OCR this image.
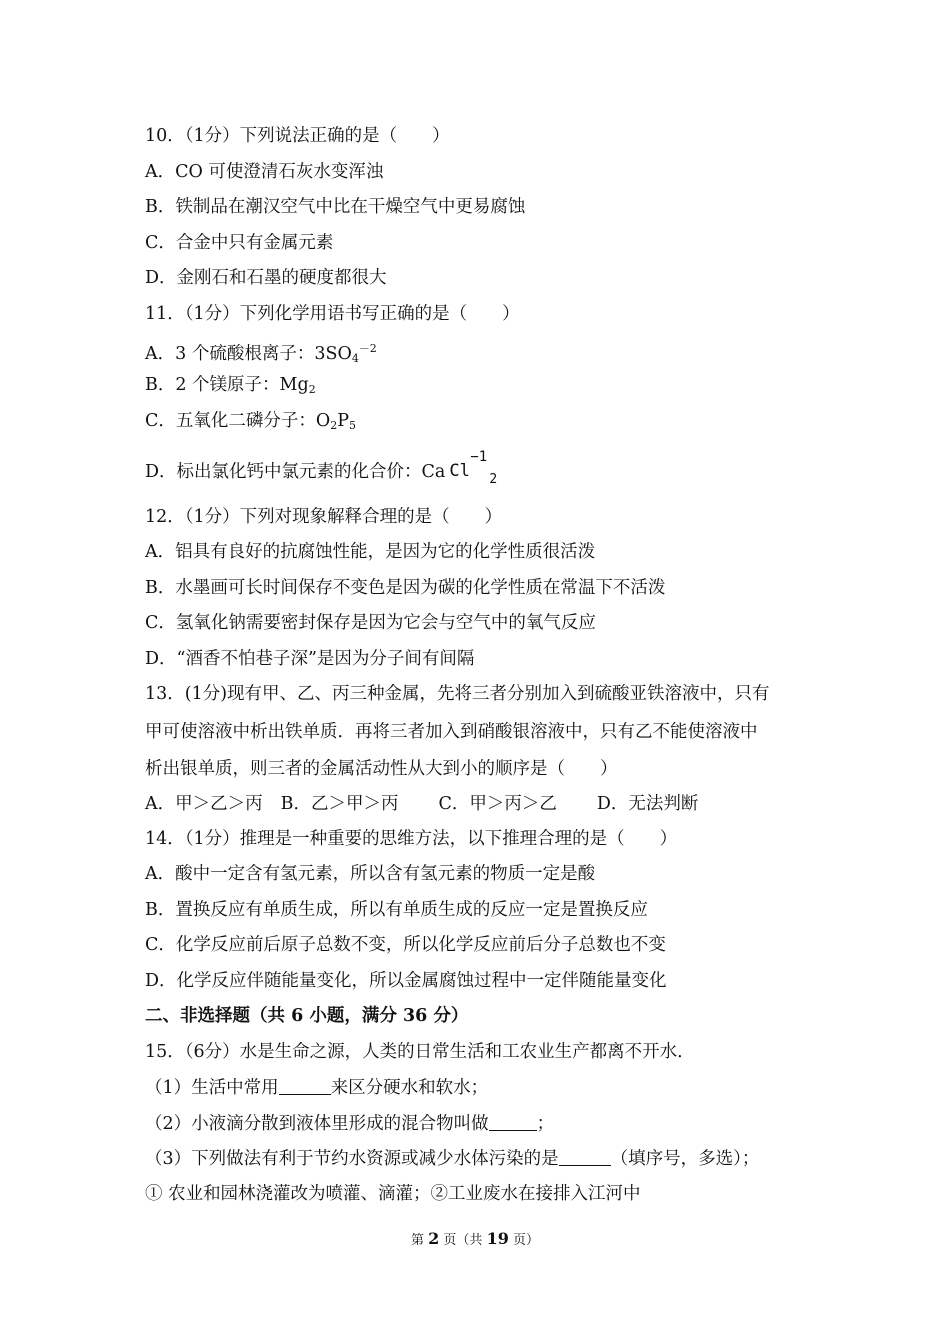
10．（1分）下列说法正确的是（　　）
A．CO 可使澄清石灰水变浑浊
B．铁制品在潮汉空气中比在干燥空气中更易腐蚀
C．合金中只有金属元素
D．金刚石和石墨的硬度都很大
11．（1分）下列化学用语书写正确的是（　　）
A．3 个硫酸根离子：$3SO_4^{-2}$
B．2 个镁原子：$Mg_2$
C．五氧化二磷分子：$O_2P_5$
D．标出氯化钙中氯元素的化合价：Ca
−1
Cl 2
12．（1分）下列对现象解释合理的是（　　）
A．铝具有良好的抗腐蚀性能，是因为它的化学性质很活泼
B．水墨画可长时间保存不变色是因为碳的化学性质在常温下不活泼
C．氢氧化钠需要密封保存是因为它会与空气中的氧气反应
D．“酒香不怕巷子深”是因为分子间有间隔
13．(1分)现有甲、乙、丙三种金属，先将三者分别加入到硫酸亚铁溶液中，只有
甲可使溶液中析出铁单质．再将三者加入到硝酸银溶液中，只有乙不能使溶液中
析出银单质，则三者的金属活动性从大到小的顺序是（　　）
A．甲＞乙＞丙 B．乙＞甲＞丙 C．甲＞丙＞乙 D．无法判断
14．（1分）推理是一种重要的思维方法，以下推理合理的是（　　）
A．酸中一定含有氢元素，所以含有氢元素的物质一定是酸
B．置换反应有单质生成，所以有单质生成的反应一定是置换反应
C．化学反应前后原子总数不变，所以化学反应前后分子总数也不变
D．化学反应伴随能量变化，所以金属腐蚀过程中一定伴随能量变化
二、非选择题（共 6 小题，满分 36 分）
15．（6分）水是生命之源，人类的日常生活和工农业生产都离不开水．
（1）生活中常用	来区分硬水和软水；
（2）小液滴分散到液体里形成的混合物叫做	；
（3）下列做法有利于节约水资源或减少水体污染的是	（填序号，多选）；
① 农业和园林浇灌改为喷灌、滴灌；②工业废水在接排入江河中
第 2 页（共 19 页）
